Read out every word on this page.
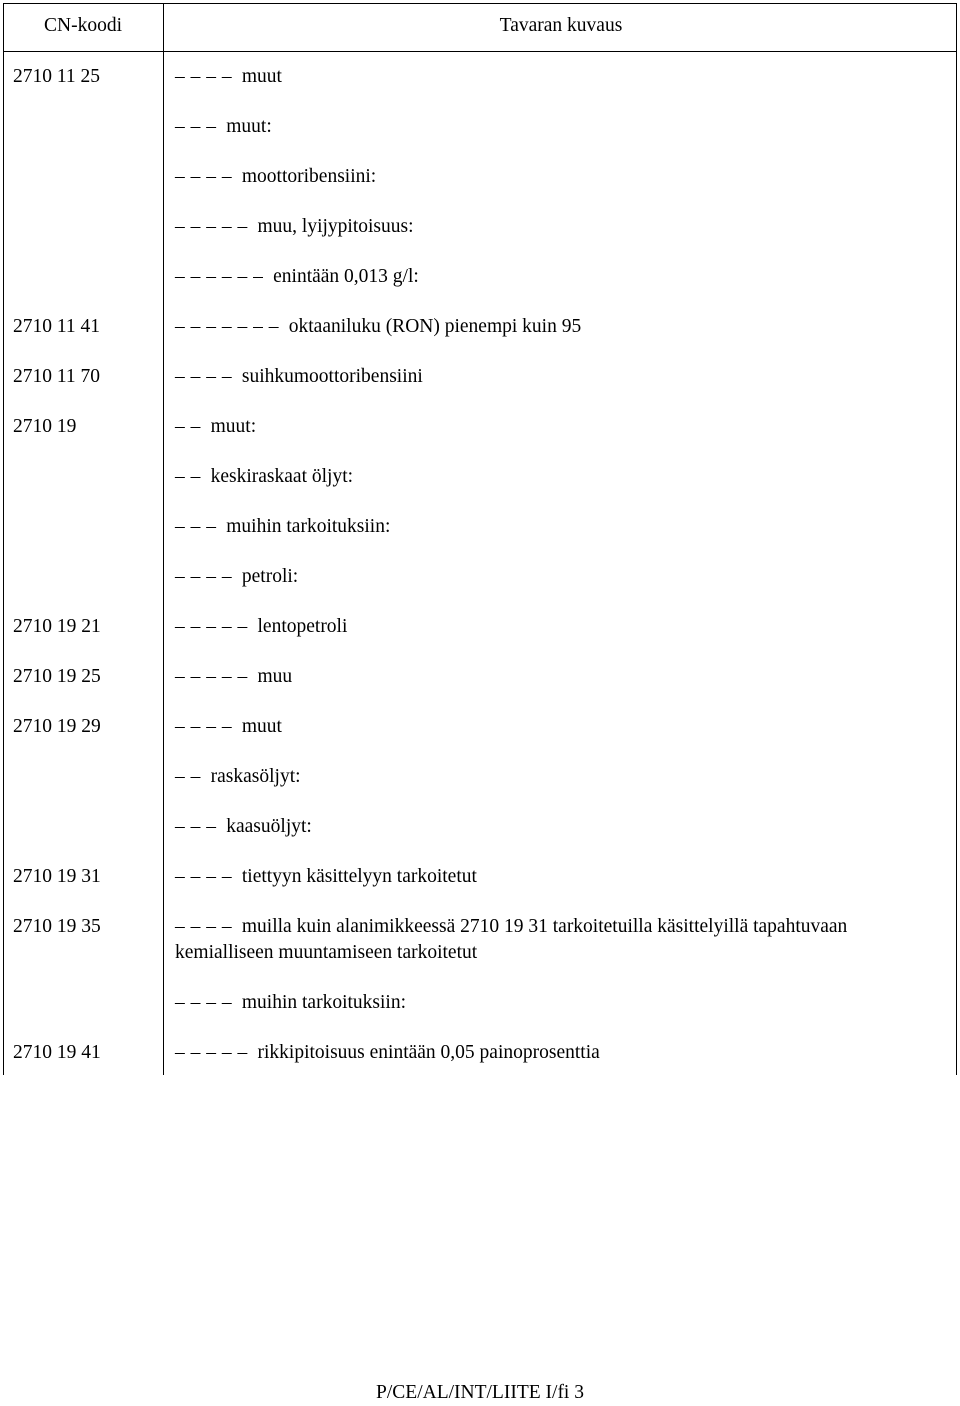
CN-koodi	Tavaran kuvaus
2710 11 25	– – – – muut
– – – muut:
– – – – moottoribensiini:
– – – – – muu, lyijypitoisuus:
– – – – – – enintään 0,013 g/l:
2710 11 41	– – – – – – – oktaaniluku (RON) pienempi kuin 95
2710 11 70	– – – – suihkumoottoribensiini
2710 19	– – muut:
– – keskiraskaat öljyt:
– – – muihin tarkoituksiin:
– – – – petroli:
2710 19 21	– – – – – lentopetroli
2710 19 25	– – – – – muu
2710 19 29	– – – – muut
– – raskasöljyt:
– – – kaasuöljyt:
2710 19 31	– – – – tiettyyn käsittelyyn tarkoitetut
2710 19 35	– – – – muilla kuin alanimikkeessä 2710 19 31 tarkoitetuilla käsittelyillä tapahtuvaan kemialliseen muuntamiseen tarkoitetut
– – – – muihin tarkoituksiin:
2710 19 41	– – – – – rikkipitoisuus enintään 0,05 painoprosenttia
P/CE/AL/INT/LIITE I/fi 3
